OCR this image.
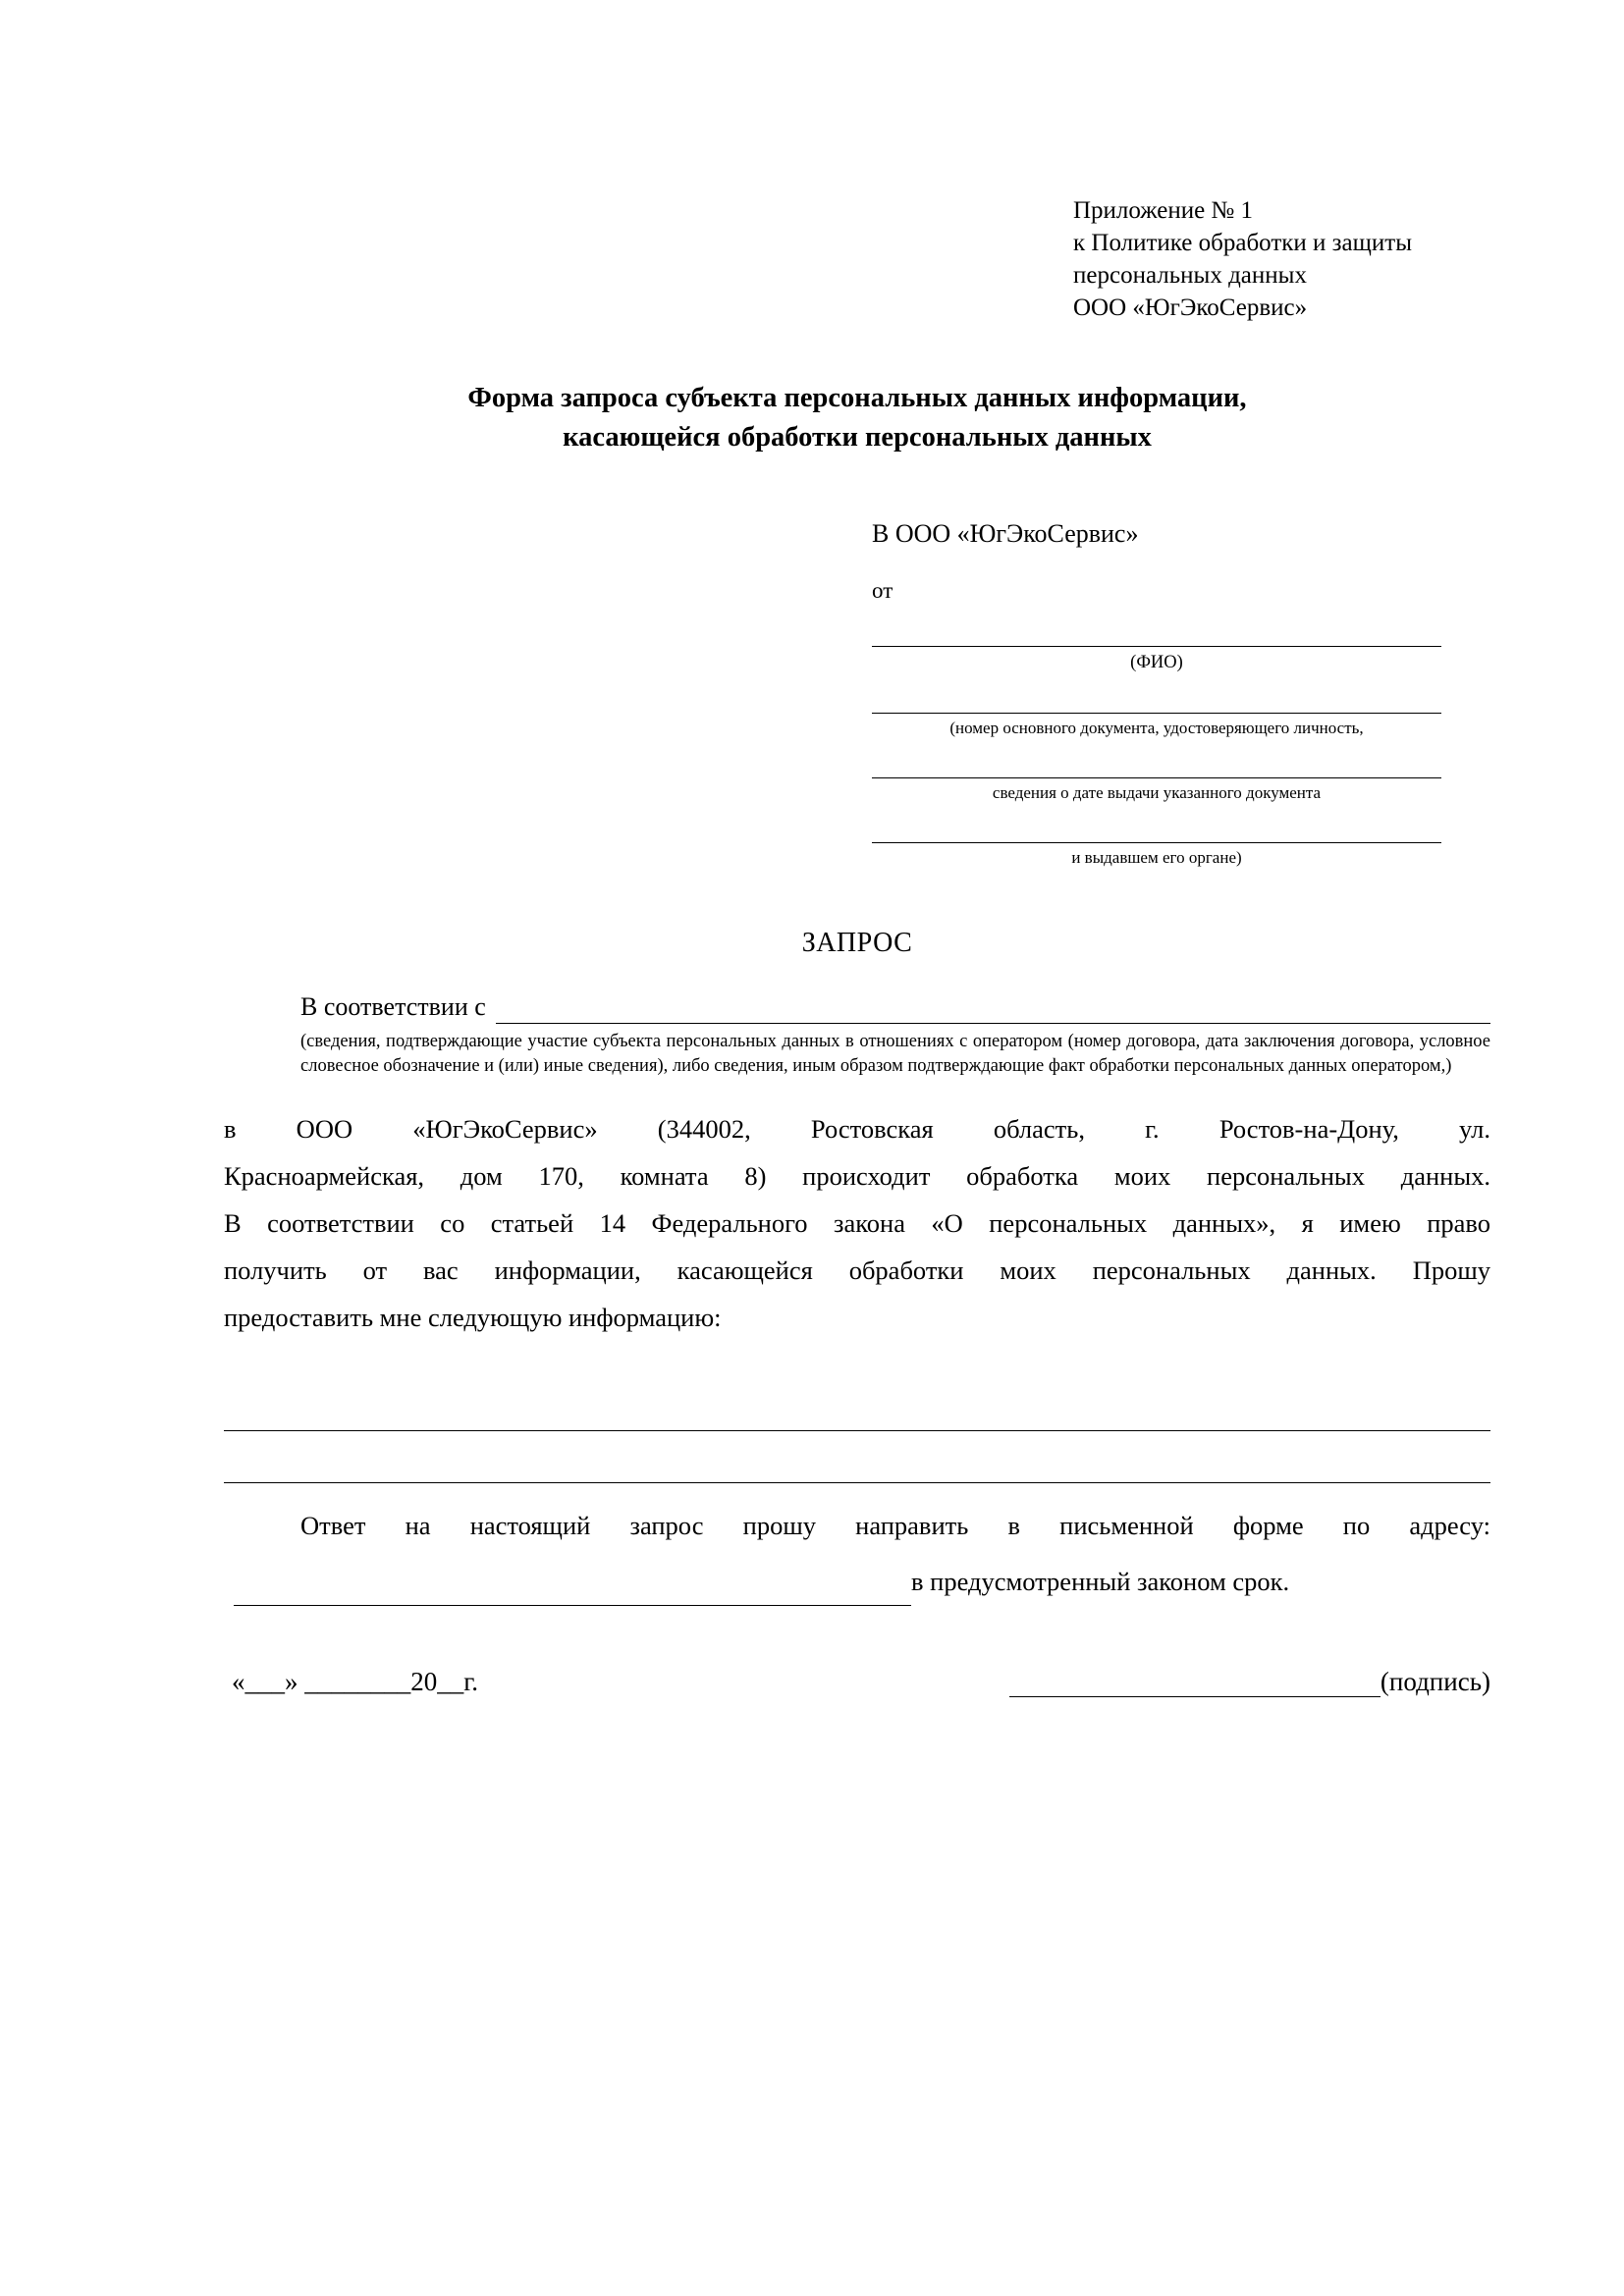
Приложение № 1
к Политике обработки и защиты
персональных данных
ООО «ЮгЭкоСервис»
Форма запроса субъекта персональных данных информации,
касающейся обработки персональных данных
В ООО «ЮгЭкоСервис»
от
(ФИО)
(номер основного документа, удостоверяющего личность,
сведения о дате выдачи указанного документа
и выдавшем его органе)
ЗАПРОС
В соответствии с
(сведения, подтверждающие участие субъекта персональных данных в отношениях с оператором (номер договора, дата заключения договора, условное словесное обозначение и (или) иные сведения), либо сведения, иным образом подтверждающие факт обработки персональных данных оператором,)
в ООО «ЮгЭкоСервис» (344002, Ростовская область, г. Ростов-на-Дону, ул.
Красноармейская, дом 170, комната 8) происходит обработка моих персональных данных.
В соответствии со статьей 14 Федерального закона «О персональных данных», я имею право
получить от вас информации, касающейся обработки моих персональных данных. Прошу
предоставить мне следующую информацию:
Ответ на настоящий запрос прошу направить в письменной форме по адресу:
в предусмотренный законом срок.
«___» ________20__г.	(подпись)
